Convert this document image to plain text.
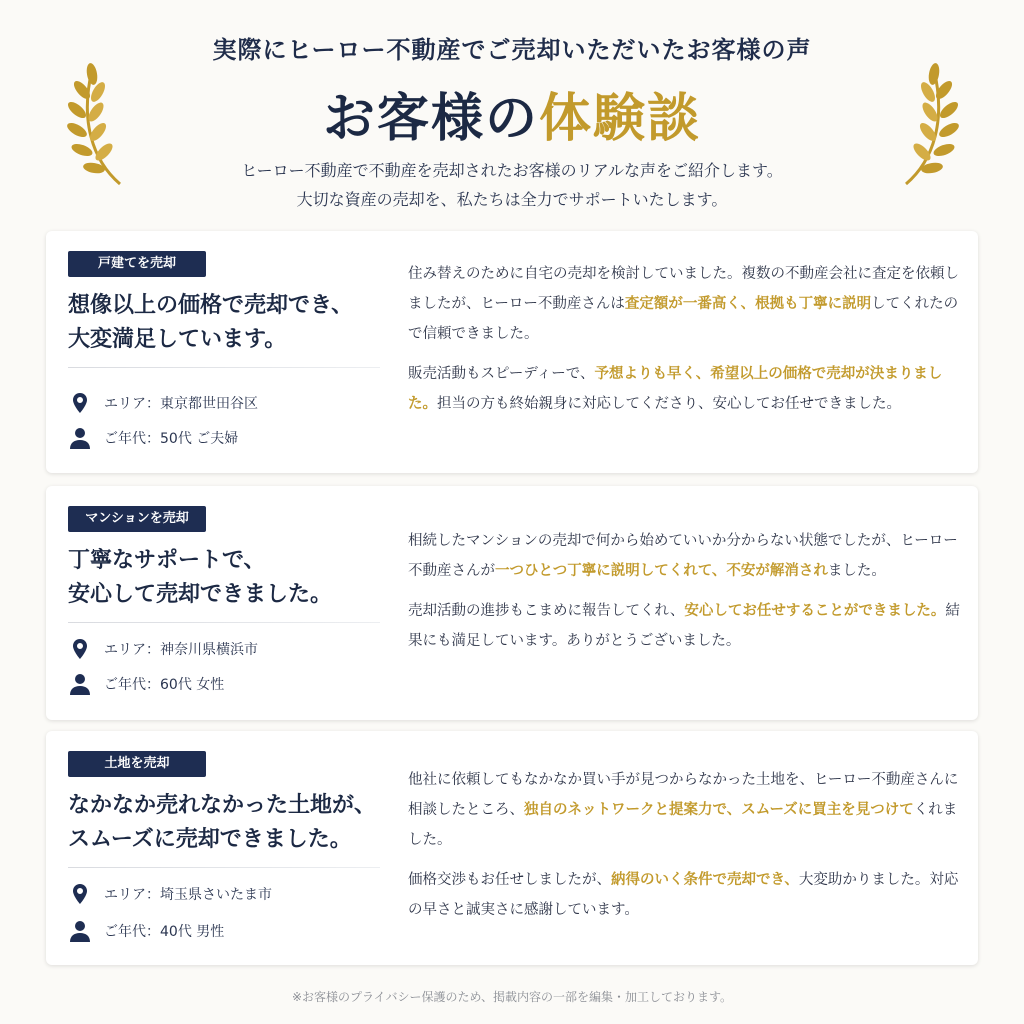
実際にヒーロー不動産でご売却いただいたお客様の声
お客様の体験談
ヒーロー不動産で不動産を売却されたお客様のリアルな声をご紹介します。
大切な資産の売却を、私たちは全力でサポートいたします。
戸建てを売却
想像以上の価格で売却でき、
大変満足しています。
エリア：東京都世田谷区
ご年代：50代 ご夫婦

住み替えのために自宅の売却を検討していました。複数の不動産会社に査定を依頼しましたが、ヒーロー不動産さんは査定額が一番高く、根拠も丁寧に説明してくれたので信頼できました。

販売活動もスピーディーで、予想よりも早く、希望以上の価格で売却が決まりました。担当の方も終始親身に対応してくださり、安心してお任せできました。

マンションを売却
丁寧なサポートで、
安心して売却できました。
エリア：神奈川県横浜市
ご年代：60代 女性

相続したマンションの売却で何から始めていいか分からない状態でしたが、ヒーロー不動産さんが一つひとつ丁寧に説明してくれて、不安が解消されました。

売却活動の進捗もこまめに報告してくれ、安心してお任せすることができました。結果にも満足しています。ありがとうございました。

土地を売却
なかなか売れなかった土地が、
スムーズに売却できました。
エリア：埼玉県さいたま市
ご年代：40代 男性

他社に依頼してもなかなか買い手が見つからなかった土地を、ヒーロー不動産さんに相談したところ、独自のネットワークと提案力で、スムーズに買主を見つけてくれました。

価格交渉もお任せしましたが、納得のいく条件で売却でき、大変助かりました。対応の早さと誠実さに感謝しています。

※お客様のプライバシー保護のため、掲載内容の一部を編集・加工しております。
